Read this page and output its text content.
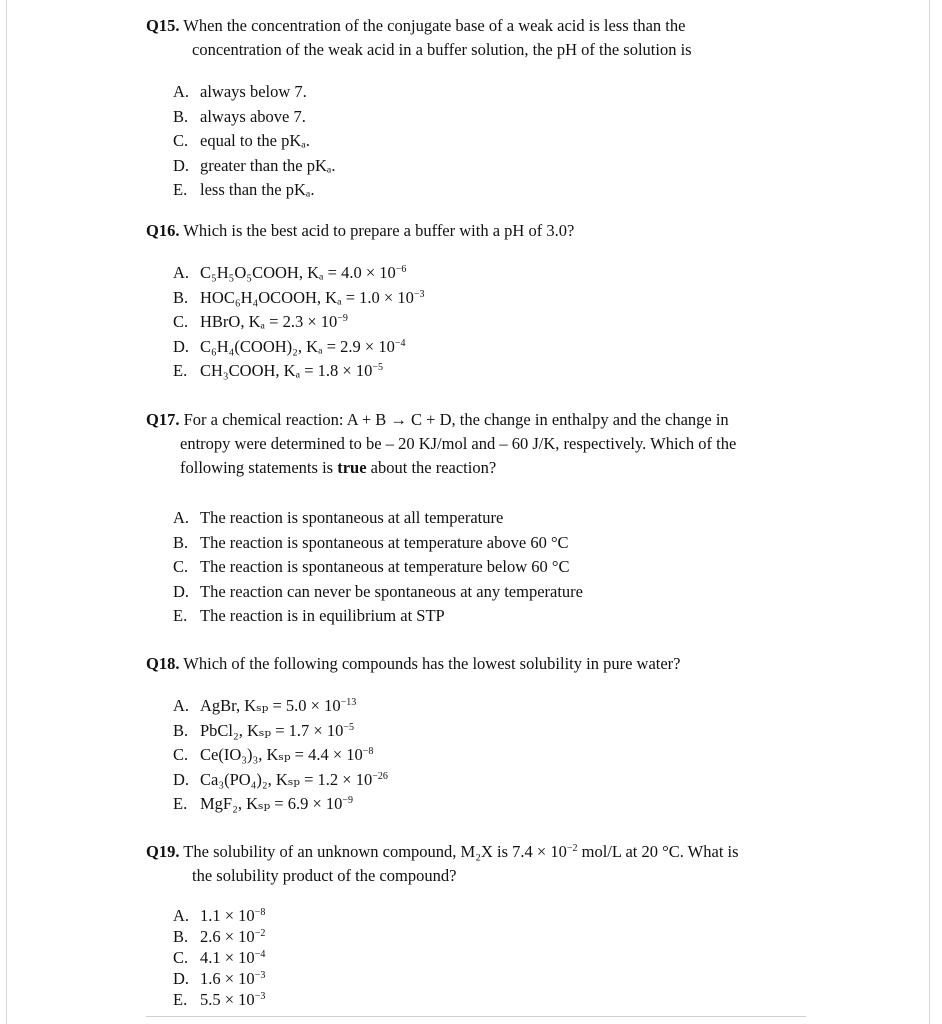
Q15. When the concentration of the conjugate base of a weak acid is less than the
concentration of the weak acid in a buffer solution, the pH of the solution is
A. always below 7.
B. always above 7.
C. equal to the pKₐ.
D. greater than the pKₐ.
E. less than the pKₐ.
Q16. Which is the best acid to prepare a buffer with a pH of 3.0?
A. C₅H₅O₅COOH, $K_a = 4.0 \times 10^{-6}$
B. HOC₆H₄OCOOH, $K_a = 1.0 \times 10^{-3}$
C. HBrO, $K_a = 2.3 \times 10^{-9}$
D. C₆H₄(COOH)₂, $K_a = 2.9 \times 10^{-4}$
E. CH₃COOH, $K_a = 1.8 \times 10^{-5}$
Q17. For a chemical reaction: A + B → C + D, the change in enthalpy and the change in
entropy were determined to be – 20 KJ/mol and – 60 J/K, respectively. Which of the
following statements is true about the reaction?
A. The reaction is spontaneous at all temperature
B. The reaction is spontaneous at temperature above 60 °C
C. The reaction is spontaneous at temperature below 60 °C
D. The reaction can never be spontaneous at any temperature
E. The reaction is in equilibrium at STP
Q18. Which of the following compounds has the lowest solubility in pure water?
A. AgBr, $K_{sp} = 5.0 \times 10^{-13}$
B. PbCl₂, $K_{sp} = 1.7 \times 10^{-5}$
C. Ce(IO₃)₃, $K_{sp} = 4.4 \times 10^{-8}$
D. Ca₃(PO₄)₂, $K_{sp} = 1.2 \times 10^{-26}$
E. MgF₂, $K_{sp} = 6.9 \times 10^{-9}$
Q19. The solubility of an unknown compound, M₂X is $7.4 \times 10^{-2}$ mol/L at 20 °C. What is
the solubility product of the compound?
A. $1.1 \times 10^{-8}$
B. $2.6 \times 10^{-2}$
C. $4.1 \times 10^{-4}$
D. $1.6 \times 10^{-3}$
E. $5.5 \times 10^{-3}$
